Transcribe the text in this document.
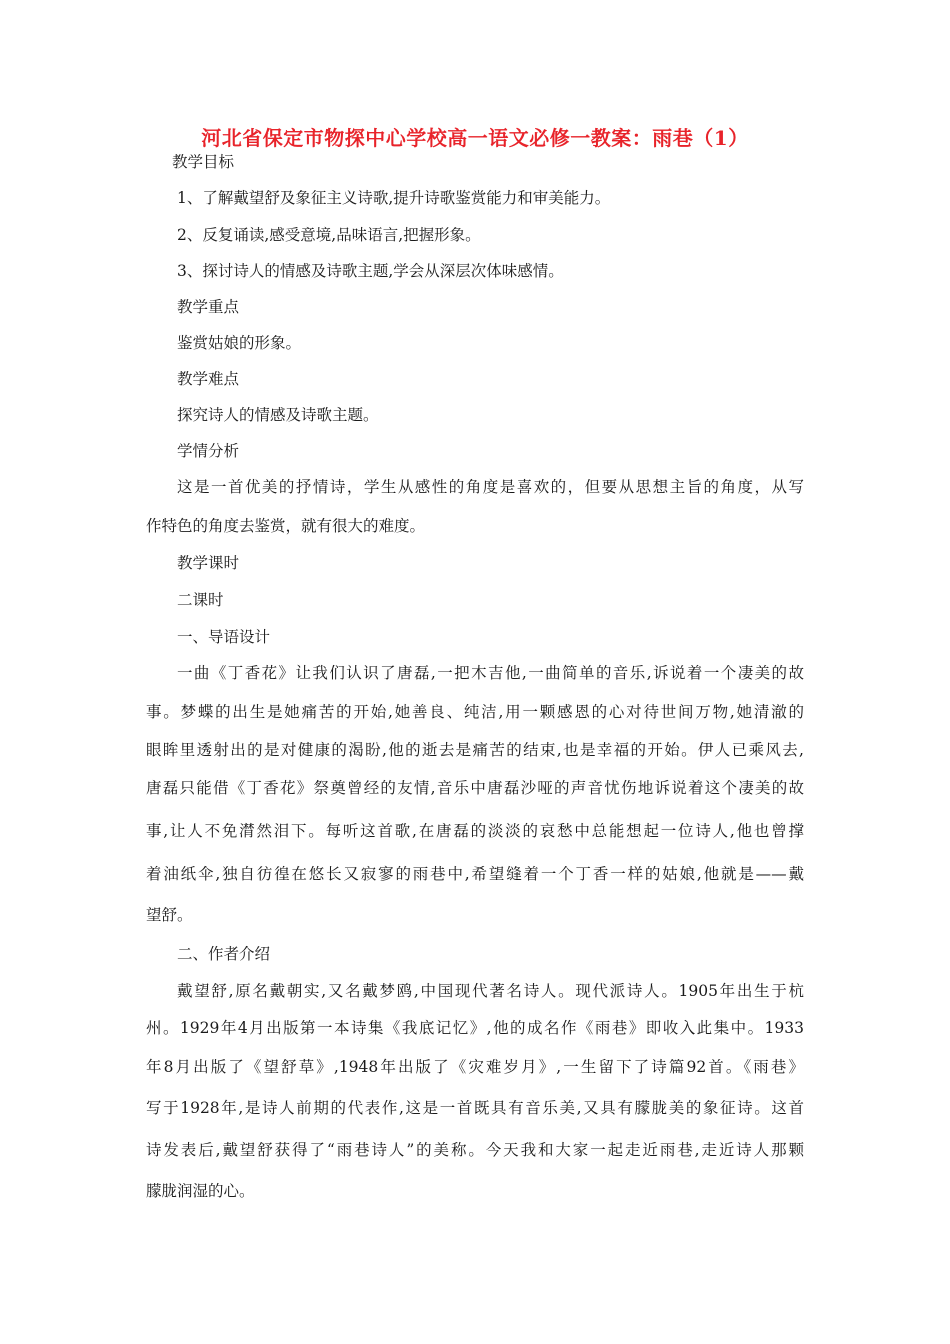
河北省保定市物探中心学校高一语文必修一教案：雨巷（1）
教学目标
1、了解戴望舒及象征主义诗歌,提升诗歌鉴赏能力和审美能力。
2、反复诵读,感受意境,品味语言,把握形象。
3、探讨诗人的情感及诗歌主题,学会从深层次体味感情。
教学重点
鉴赏姑娘的形象。
教学难点
探究诗人的情感及诗歌主题。
学情分析
这是一首优美的抒情诗，学生从感性的角度是喜欢的，但要从思想主旨的角度，从写
作特色的角度去鉴赏，就有很大的难度。
教学课时
二课时
一、导语设计
一曲《丁香花》让我们认识了唐磊,一把木吉他,一曲简单的音乐,诉说着一个凄美的故
事。梦蝶的出生是她痛苦的开始,她善良、纯洁,用一颗感恩的心对待世间万物,她清澈的
眼眸里透射出的是对健康的渴盼,他的逝去是痛苦的结束,也是幸福的开始。伊人已乘风去,
唐磊只能借《丁香花》祭奠曾经的友情,音乐中唐磊沙哑的声音忧伤地诉说着这个凄美的故
事,让人不免潸然泪下。每听这首歌,在唐磊的淡淡的哀愁中总能想起一位诗人,他也曾撑
着油纸伞,独自彷徨在悠长又寂寥的雨巷中,希望缝着一个丁香一样的姑娘,他就是——戴
望舒。
二、作者介绍
戴望舒,原名戴朝实,又名戴梦鸥,中国现代著名诗人。现代派诗人。1905年出生于杭
州。1929年4月出版第一本诗集《我底记忆》,他的成名作《雨巷》即收入此集中。1933
年8月出版了《望舒草》,1948年出版了《灾难岁月》,一生留下了诗篇92首。《雨巷》
写于1928年,是诗人前期的代表作,这是一首既具有音乐美,又具有朦胧美的象征诗。这首
诗发表后,戴望舒获得了“雨巷诗人”的美称。今天我和大家一起走近雨巷,走近诗人那颗
朦胧润湿的心。
